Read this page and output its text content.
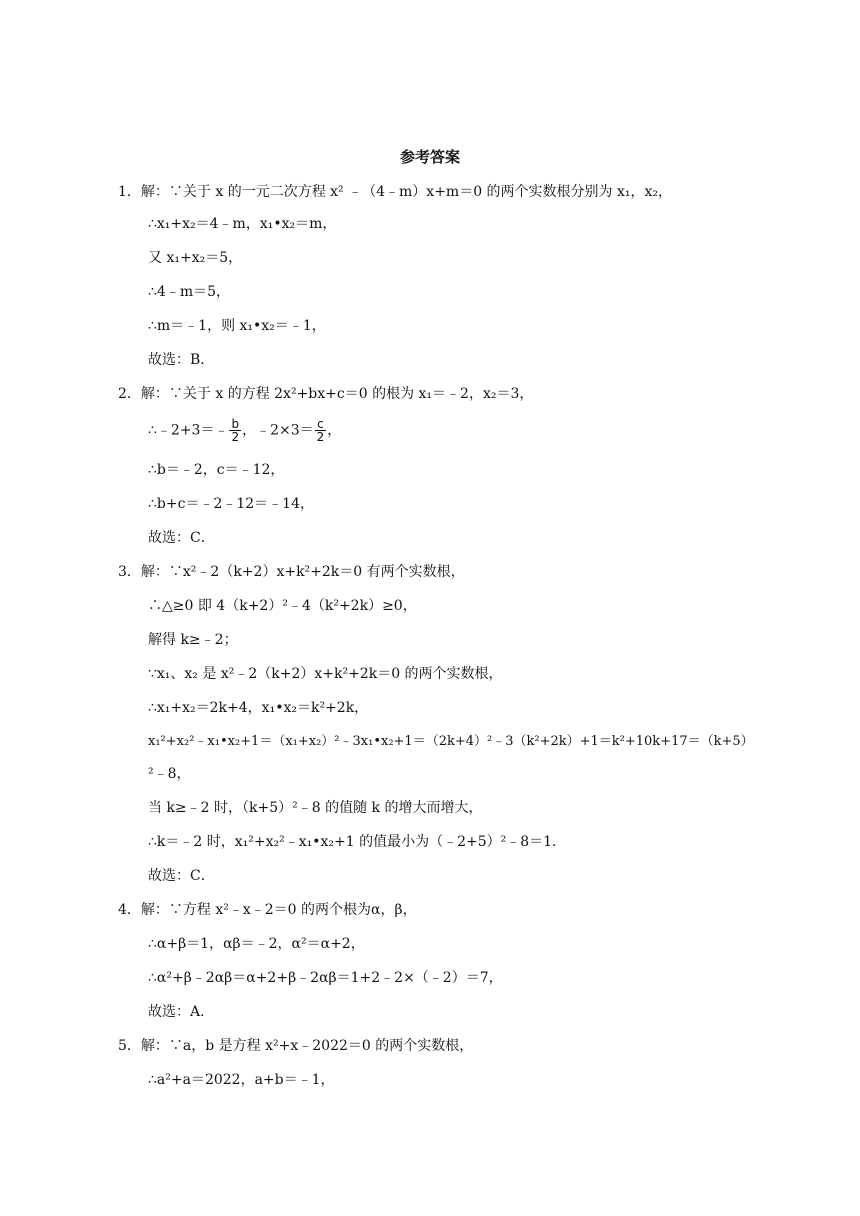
参考答案
1．解：∵关于 x 的一元二次方程 x² ﹣（4﹣m）x+m＝0 的两个实数根分别为 x₁，x₂，
∴x₁+x₂＝4﹣m，x₁•x₂＝m，
又 x₁+x₂＝5，
∴4﹣m＝5，
∴m＝﹣1，则 x₁•x₂＝﹣1，
故选：B．
2．解：∵关于 x 的方程 2x²+bx+c＝0 的根为 x₁＝﹣2，x₂＝3，
∴﹣2+3＝﹣ $\frac{b}{2}$ ，﹣2×3＝ $\frac{c}{2}$ ，
∴b＝﹣2，c＝﹣12，
∴b+c＝﹣2﹣12＝﹣14，
故选：C．
3．解：∵x²﹣2（k+2）x+k²+2k＝0 有两个实数根，
∴△≥0 即 4（k+2）²﹣4（k²+2k）≥0，
解得 k≥﹣2；
∵x₁、x₂ 是 x²﹣2（k+2）x+k²+2k＝0 的两个实数根，
∴x₁+x₂＝2k+4，x₁•x₂＝k²+2k，
x₁²+x₂²﹣x₁•x₂+1＝（x₁+x₂）²﹣3x₁•x₂+1＝（2k+4）²﹣3（k²+2k）+1＝k²+10k+17＝（k+5）
²﹣8，
当 k≥﹣2 时，（k+5）²﹣8 的值随 k 的增大而增大，
∴k＝﹣2 时，x₁²+x₂²﹣x₁•x₂+1 的值最小为（﹣2+5）²﹣8＝1．
故选：C．
4．解：∵方程 x²﹣x﹣2＝0 的两个根为α，β，
∴α+β＝1，αβ＝﹣2，α²＝α+2，
∴α²+β﹣2αβ＝α+2+β﹣2αβ＝1+2﹣2×（﹣2）＝7，
故选：A．
5．解：∵a，b 是方程 x²+x﹣2022＝0 的两个实数根，
∴a²+a＝2022，a+b＝﹣1，
